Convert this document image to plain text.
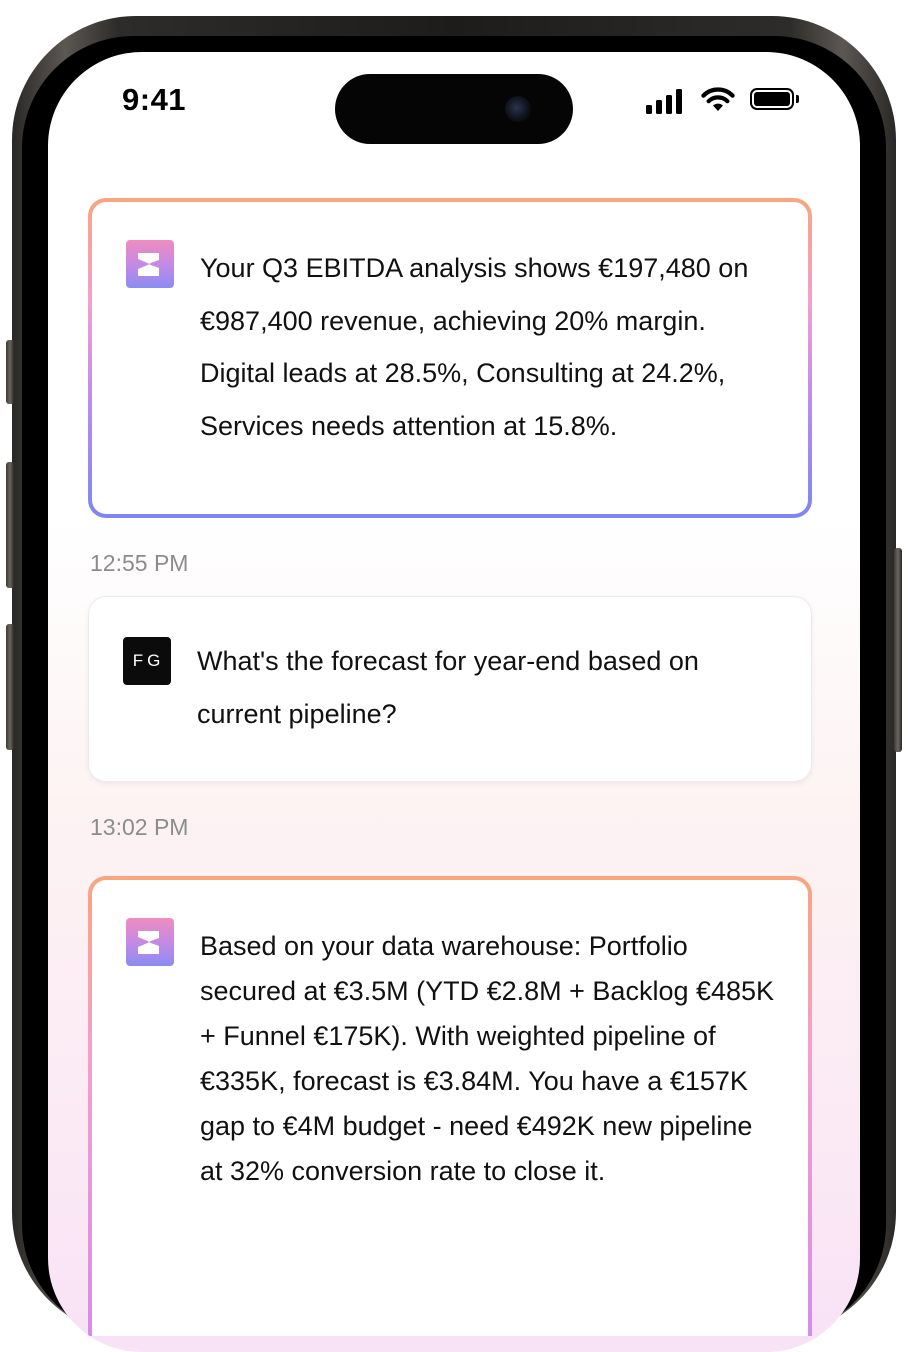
9:41
Your Q3 EBITDA analysis shows €197,480 on €987,400 revenue, achieving 20% margin. Digital leads at 28.5%, Consulting at 24.2%, Services needs attention at 15.8%.
12:55 PM
FG What's the forecast for year-end based on current pipeline?
13:02 PM
Based on your data warehouse: Portfolio secured at €3.5M (YTD €2.8M + Backlog €485K + Funnel €175K). With weighted pipeline of €335K, forecast is €3.84M. You have a €157K gap to €4M budget - need €492K new pipeline at 32% conversion rate to close it.
